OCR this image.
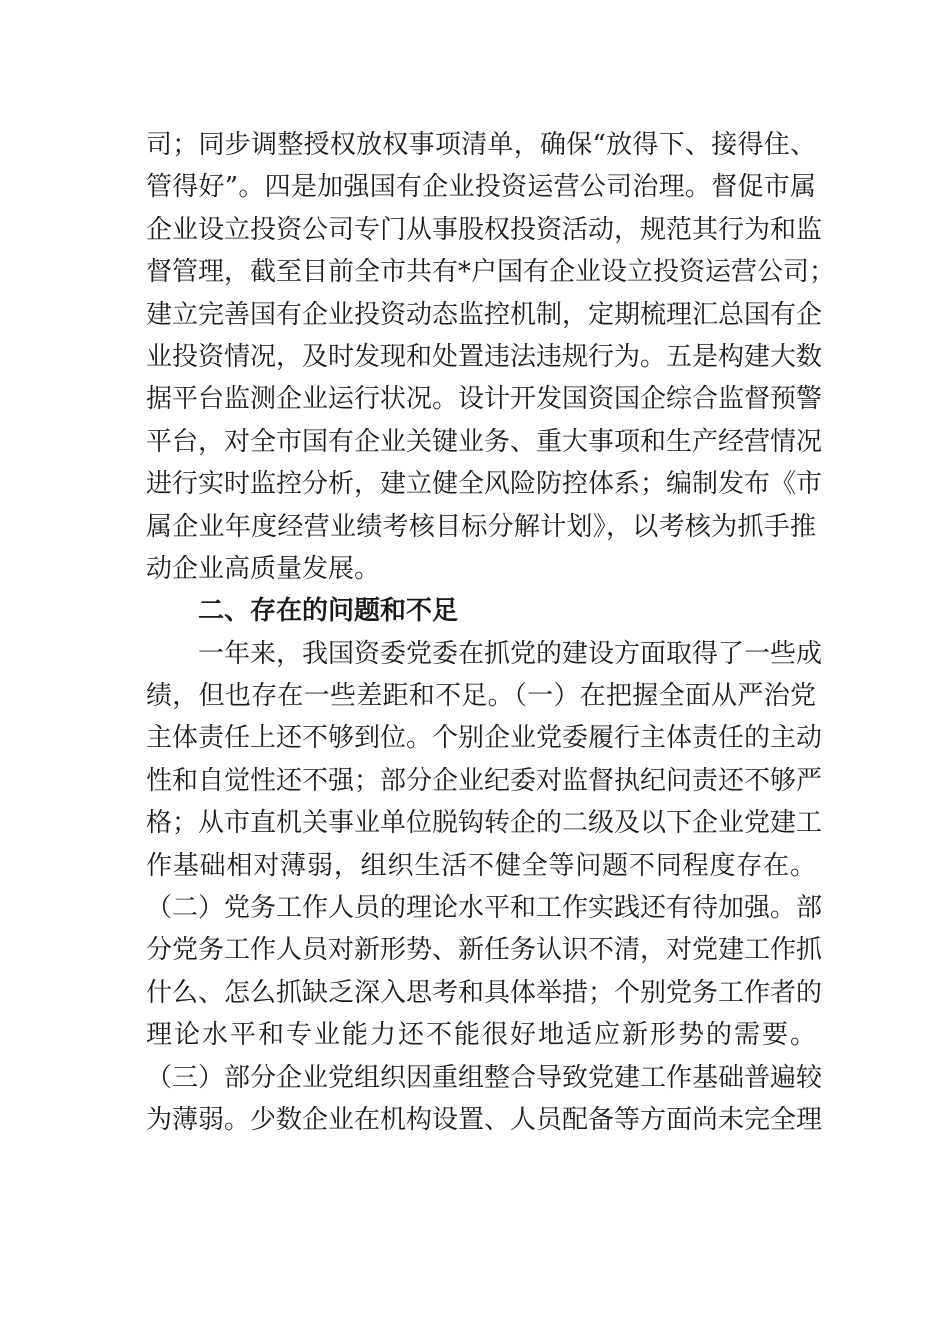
司；同步调整授权放权事项清单，确保“放得下、接得住、
管得好”。四是加强国有企业投资运营公司治理。督促市属
企业设立投资公司专门从事股权投资活动，规范其行为和监
督管理，截至目前全市共有*户国有企业设立投资运营公司；
建立完善国有企业投资动态监控机制，定期梳理汇总国有企
业投资情况，及时发现和处置违法违规行为。五是构建大数
据平台监测企业运行状况。设计开发国资国企综合监督预警
平台，对全市国有企业关键业务、重大事项和生产经营情况
进行实时监控分析，建立健全风险防控体系；编制发布《市
属企业年度经营业绩考核目标分解计划》，以考核为抓手推
动企业高质量发展。
二、存在的问题和不足
　　一年来，我国资委党委在抓党的建设方面取得了一些成
绩，但也存在一些差距和不足。（一）在把握全面从严治党
主体责任上还不够到位。个别企业党委履行主体责任的主动
性和自觉性还不强；部分企业纪委对监督执纪问责还不够严
格；从市直机关事业单位脱钩转企的二级及以下企业党建工
作基础相对薄弱，组织生活不健全等问题不同程度存在。
（二）党务工作人员的理论水平和工作实践还有待加强。部
分党务工作人员对新形势、新任务认识不清，对党建工作抓
什么、怎么抓缺乏深入思考和具体举措；个别党务工作者的
理论水平和专业能力还不能很好地适应新形势的需要。
（三）部分企业党组织因重组整合导致党建工作基础普遍较
为薄弱。少数企业在机构设置、人员配备等方面尚未完全理
